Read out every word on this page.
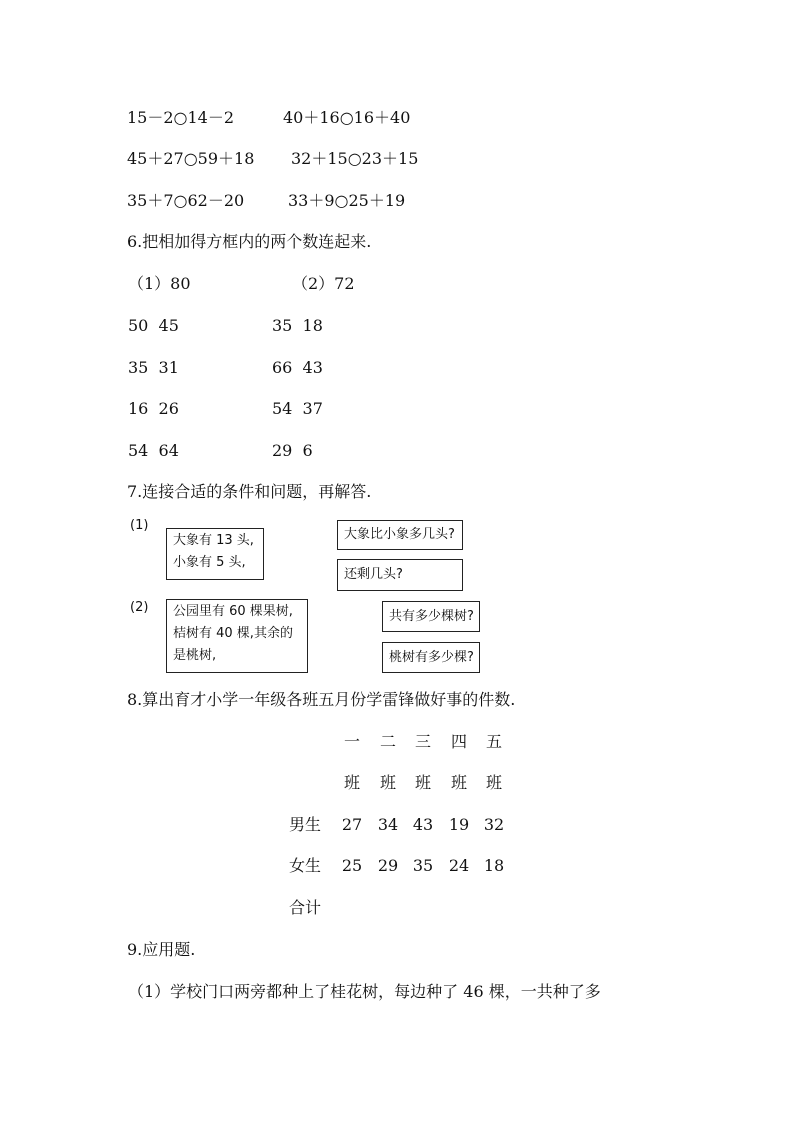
15－2○14－2	40＋16○16＋40
45＋27○59＋18 32＋15○23＋15
35＋7○62－20	33＋9○25＋19
6.把相加得方框内的两个数连起来.
（1）80	（2）72
50  45	35  18
35  31	66  43
16  26	54  37
54  64	29  6
7.连接合适的条件和问题，再解答.
(1)
大象有 13 头,
小象有 5 头,
大象比小象多几头?
还剩几头?
(2) 公园里有 60 棵果树,
桔树有 40 棵,其余的
是桃树,
共有多少棵树?
桃树有多少棵?
8.算出育才小学一年级各班五月份学雷锋做好事的件数.
一	二	三	四	五
班	班	班	班	班
男生	27 34 43 19 32
女生	25 29 35 24 18
合计
9.应用题.
（1）学校门口两旁都种上了桂花树，每边种了 46 棵，一共种了多
